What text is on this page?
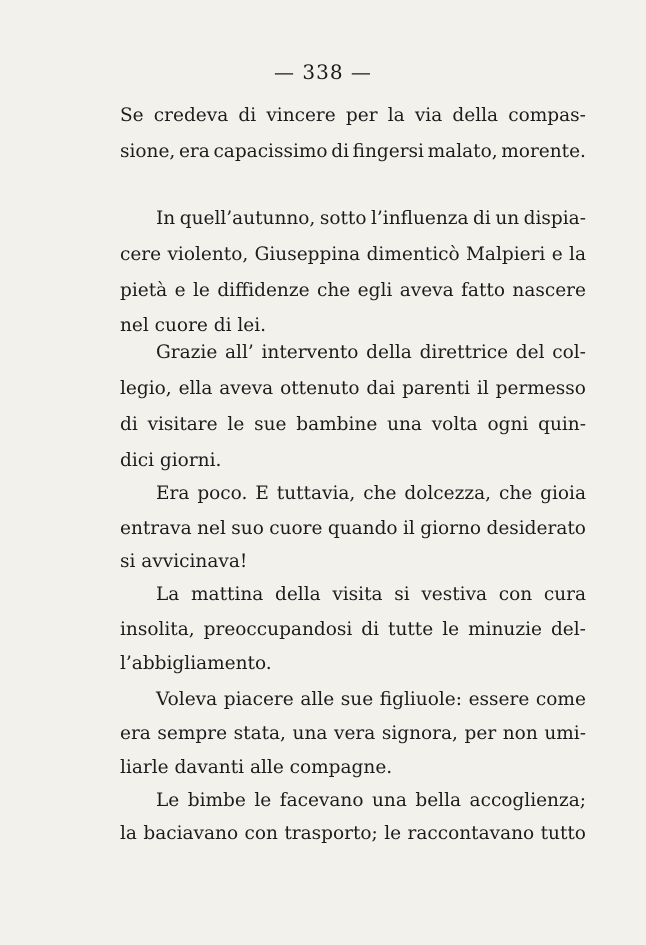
— 338 —
Se credeva di vincere per la via della compas-
sione, era capacissimo di fingersi malato, morente.
In quell’autunno, sotto l’influenza di un dispia-
cere violento, Giuseppina dimenticò Malpieri e la
pietà e le diffidenze che egli aveva fatto nascere
nel cuore di lei.
Grazie all’ intervento della direttrice del col-
legio, ella aveva ottenuto dai parenti il permesso
di visitare le sue bambine una volta ogni quin-
dici giorni.
Era poco. E tuttavia, che dolcezza, che gioia
entrava nel suo cuore quando il giorno desiderato
si avvicinava!
La mattina della visita si vestiva con cura
insolita, preoccupandosi di tutte le minuzie del-
l’abbigliamento.
Voleva piacere alle sue figliuole: essere come
era sempre stata, una vera signora, per non umi-
liarle davanti alle compagne.
Le bimbe le facevano una bella accoglienza;
la baciavano con trasporto; le raccontavano tutto
